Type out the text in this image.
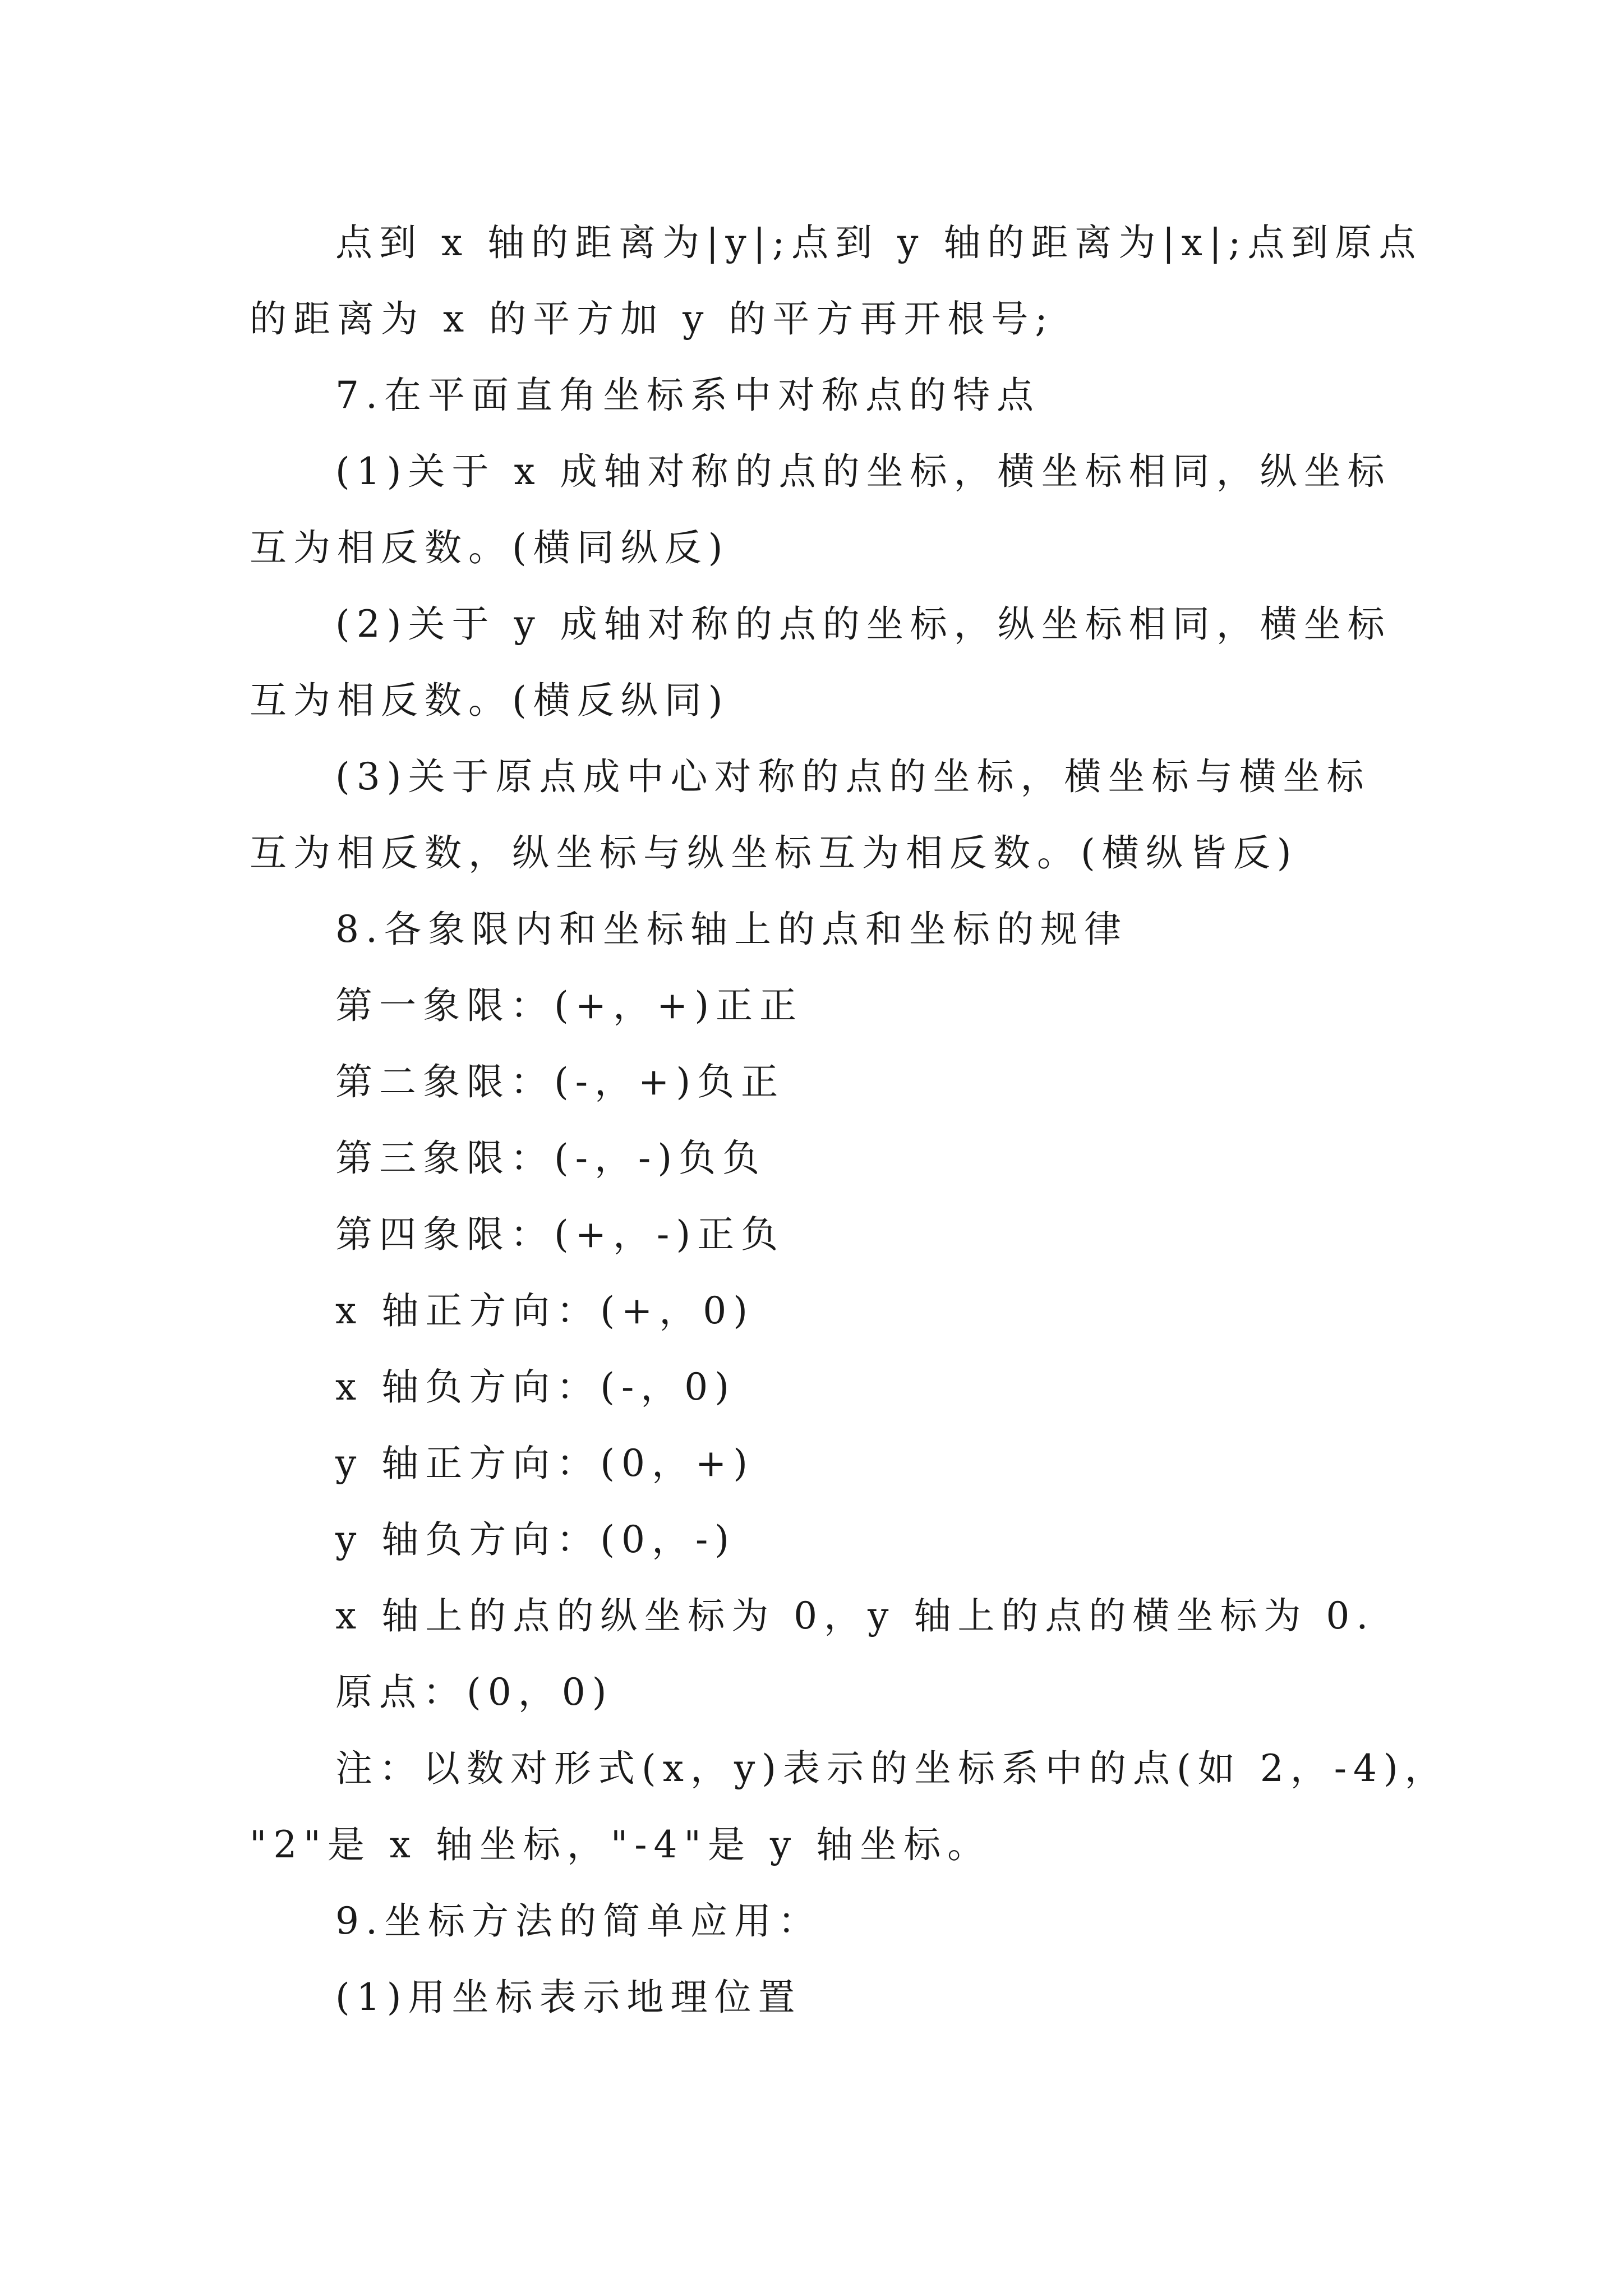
点到 x 轴的距离为|y|;点到 y 轴的距离为|x|;点到原点

的距离为 x 的平方加 y 的平方再开根号;

7.在平面直角坐标系中对称点的特点

(1)关于 x 成轴对称的点的坐标，横坐标相同，纵坐标

互为相反数。(横同纵反)

(2)关于 y 成轴对称的点的坐标，纵坐标相同，横坐标

互为相反数。(横反纵同)

(3)关于原点成中心对称的点的坐标，横坐标与横坐标

互为相反数，纵坐标与纵坐标互为相反数。(横纵皆反)

8.各象限内和坐标轴上的点和坐标的规律

第一象限：(+，+)正正

第二象限：(-，+)负正

第三象限：(-，-)负负

第四象限：(+，-)正负

x 轴正方向：(+，0)

x 轴负方向：(-，0)

y 轴正方向：(0，+)

y 轴负方向：(0，-)

x 轴上的点的纵坐标为 0，y 轴上的点的横坐标为 0.

原点：(0，0)

注：以数对形式(x，y)表示的坐标系中的点(如 2，-4)，

"2"是 x 轴坐标，"-4"是 y 轴坐标。

9.坐标方法的简单应用：

(1)用坐标表示地理位置
